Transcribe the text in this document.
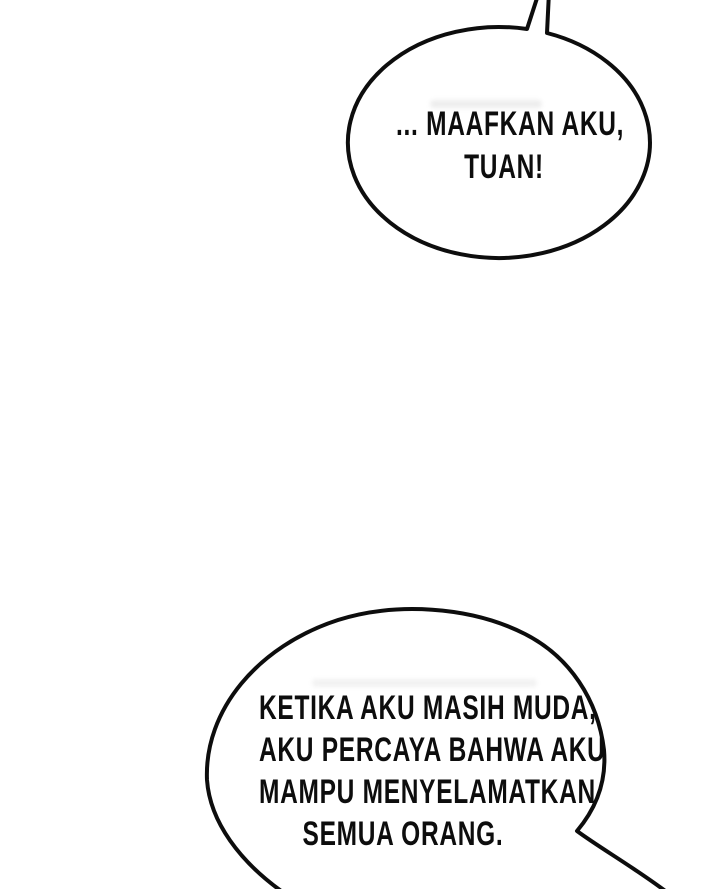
... MAAFKAN AKU,
TUAN!
KETIKA AKU MASIH MUDA,
AKU PERCAYA BAHWA AKU
MAMPU MENYELAMATKAN
SEMUA ORANG.
